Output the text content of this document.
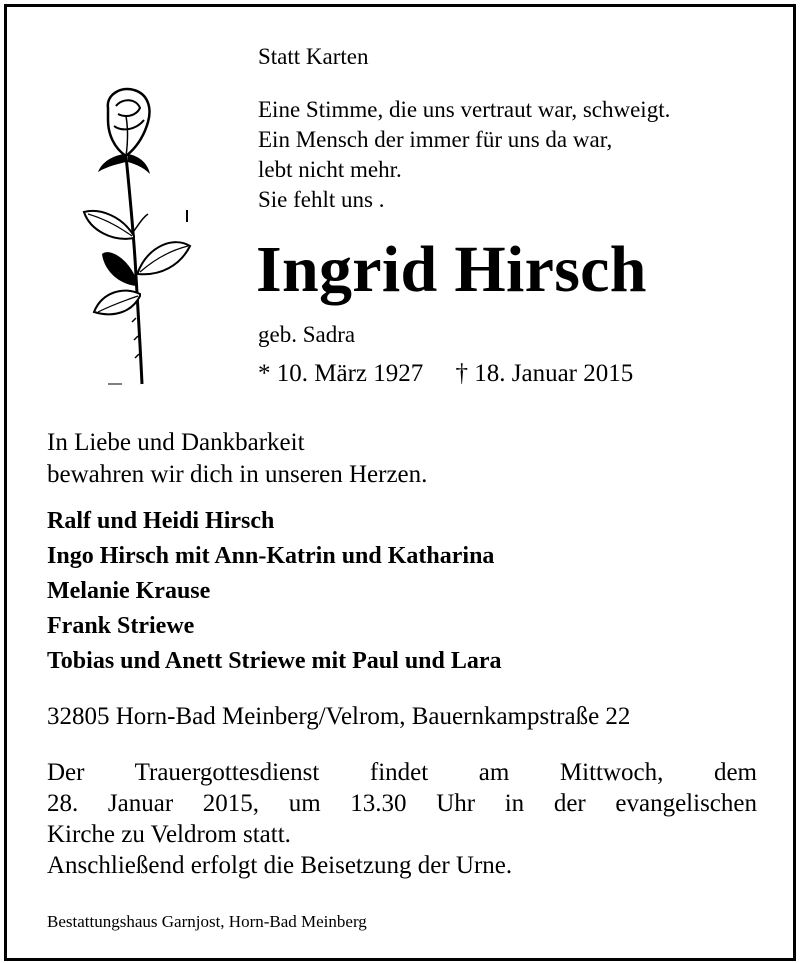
Statt Karten

Eine Stimme, die uns vertraut war, schweigt.
Ein Mensch der immer für uns da war,
lebt nicht mehr.
Sie fehlt uns .

Ingrid Hirsch

geb. Sadra

* 10. März 1927 † 18. Januar 2015

In Liebe und Dankbarkeit
bewahren wir dich in unseren Herzen.
Ralf und Heidi Hirsch
Ingo Hirsch mit Ann-Katrin und Katharina
Melanie Krause
Frank Striewe
Tobias und Anett Striewe mit Paul und Lara

32805 Horn-Bad Meinberg/Velrom, Bauernkampstraße 22

Der Trauergottesdienst findet am Mittwoch, dem
28. Januar 2015, um 13.30 Uhr in der evangelischen
Kirche zu Veldrom statt.
Anschließend erfolgt die Beisetzung der Urne.

Bestattungshaus Garnjost, Horn-Bad Meinberg
